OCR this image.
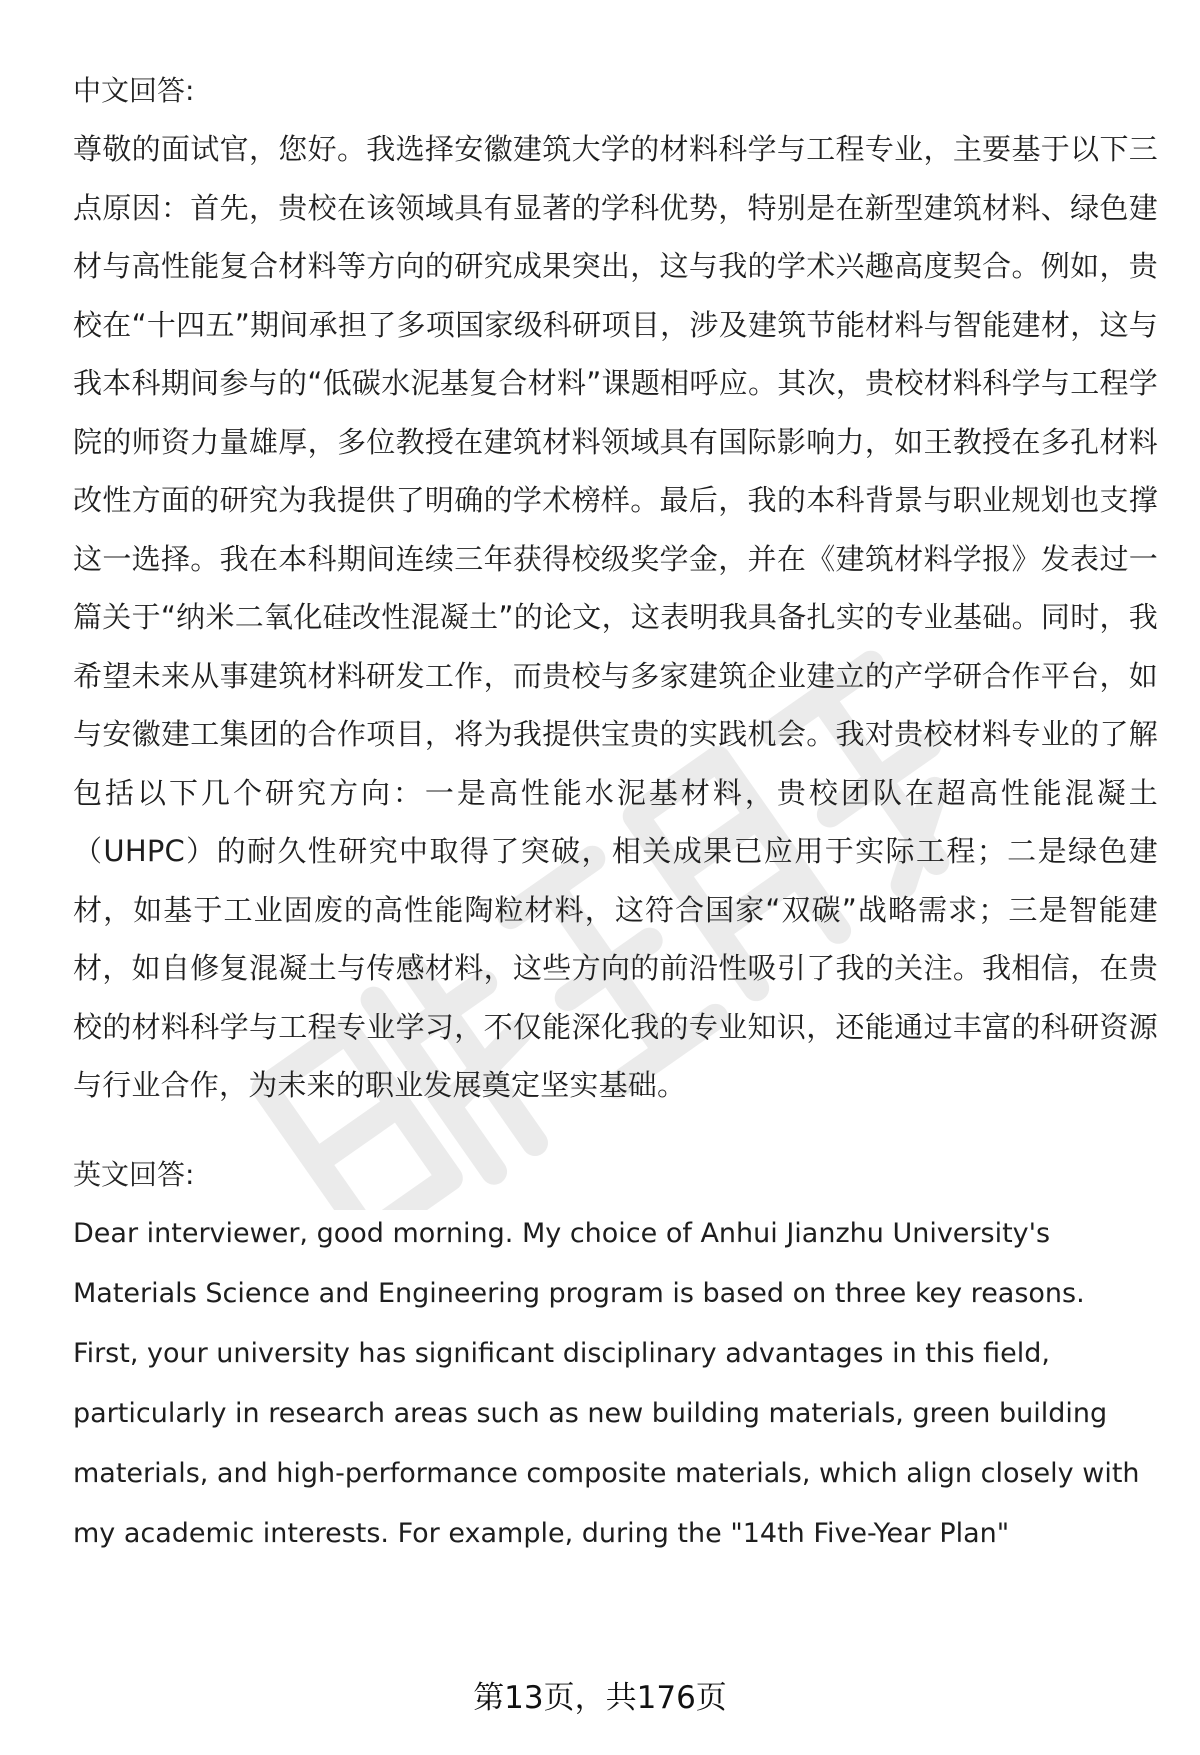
中文回答:

尊敬的面试官，您好。我选择安徽建筑大学的材料科学与工程专业，主要基于以下三点原因：首先，贵校在该领域具有显著的学科优势，特别是在新型建筑材料、绿色建材与高性能复合材料等方向的研究成果突出，这与我的学术兴趣高度契合。例如，贵校在“十四五”期间承担了多项国家级科研项目，涉及建筑节能材料与智能建材，这与我本科期间参与的“低碳水泥基复合材料”课题相呼应。其次，贵校材料科学与工程学院的师资力量雄厚，多位教授在建筑材料领域具有国际影响力，如王教授在多孔材料改性方面的研究为我提供了明确的学术榜样。最后，我的本科背景与职业规划也支撑这一选择。我在本科期间连续三年获得校级奖学金，并在《建筑材料学报》发表过一篇关于“纳米二氧化硅改性混凝土”的论文，这表明我具备扎实的专业基础。同时，我希望未来从事建筑材料研发工作，而贵校与多家建筑企业建立的产学研合作平台，如与安徽建工集团的合作项目，将为我提供宝贵的实践机会。我对贵校材料专业的了解包括以下几个研究方向：一是高性能水泥基材料，贵校团队在超高性能混凝土（UHPC）的耐久性研究中取得了突破，相关成果已应用于实际工程；二是绿色建材，如基于工业固废的高性能陶粒材料，这符合国家“双碳”战略需求；三是智能建材，如自修复混凝土与传感材料，这些方向的前沿性吸引了我的关注。我相信，在贵校的材料科学与工程专业学习，不仅能深化我的专业知识，还能通过丰富的科研资源与行业合作，为未来的职业发展奠定坚实基础。

英文回答:

Dear interviewer, good morning. My choice of Anhui Jianzhu University's Materials Science and Engineering program is based on three key reasons. First, your university has significant disciplinary advantages in this field, particularly in research areas such as new building materials, green building materials, and high-performance composite materials, which align closely with my academic interests. For example, during the "14th Five-Year Plan"

第13页，共176页
